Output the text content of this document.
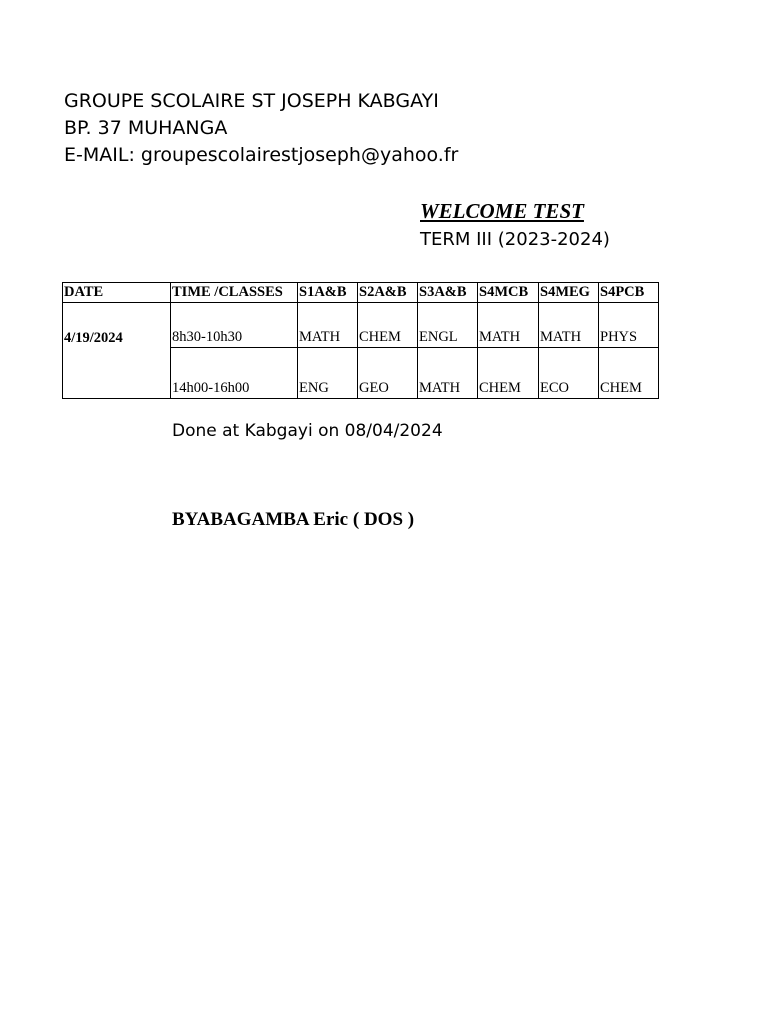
GROUPE SCOLAIRE ST JOSEPH KABGAYI
BP. 37 MUHANGA
E-MAIL: groupescolairestjoseph@yahoo.fr
WELCOME TEST
TERM III (2023-2024)
DATE	TIME /CLASSES	S1A&B	S2A&B	S3A&B	S4MCB	S4MEG	S4PCB
4/19/2024	8h30-10h30	MATH	CHEM	ENGL	MATH	MATH	PHYS
	14h00-16h00	ENG	GEO	MATH	CHEM	ECO	CHEM
Done at Kabgayi on 08/04/2024
BYABAGAMBA Eric ( DOS )
